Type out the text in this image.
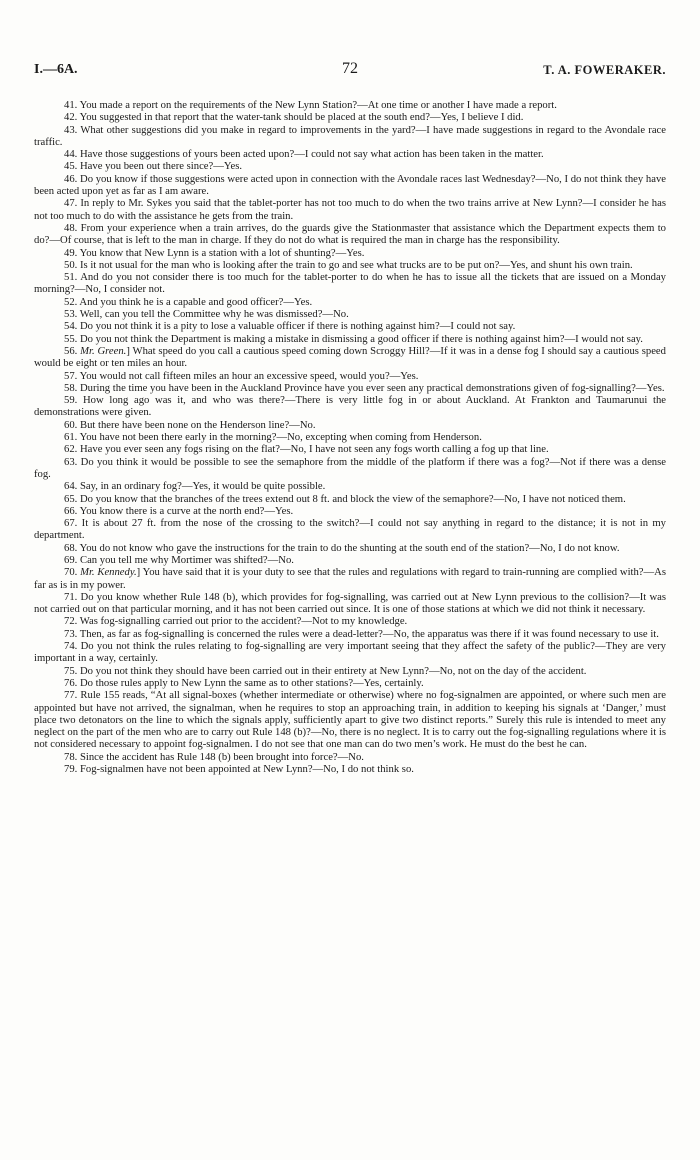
I.—6A.	72	T. A. FOWERAKER.

41. You made a report on the requirements of the New Lynn Station?—At one time or another I have made a report.

42. You suggested in that report that the water-tank should be placed at the south end?—Yes, I believe I did.

43. What other suggestions did you make in regard to improvements in the yard?—I have made suggestions in regard to the Avondale race traffic.

44. Have those suggestions of yours been acted upon?—I could not say what action has been taken in the matter.

45. Have you been out there since?—Yes.

46. Do you know if those suggestions were acted upon in connection with the Avondale races last Wednesday?—No, I do not think they have been acted upon yet as far as I am aware.

47. In reply to Mr. Sykes you said that the tablet-porter has not too much to do when the two trains arrive at New Lynn?—I consider he has not too much to do with the assistance he gets from the train.

48. From your experience when a train arrives, do the guards give the Stationmaster that assistance which the Department expects them to do?—Of course, that is left to the man in charge. If they do not do what is required the man in charge has the responsibility.

49. You know that New Lynn is a station with a lot of shunting?—Yes.

50. Is it not usual for the man who is looking after the train to go and see what trucks are to be put on?—Yes, and shunt his own train.

51. And do you not consider there is too much for the tablet-porter to do when he has to issue all the tickets that are issued on a Monday morning?—No, I consider not.

52. And you think he is a capable and good officer?—Yes.

53. Well, can you tell the Committee why he was dismissed?—No.

54. Do you not think it is a pity to lose a valuable officer if there is nothing against him?—I could not say.

55. Do you not think the Department is making a mistake in dismissing a good officer if there is nothing against him?—I would not say.

56. Mr. Green.] What speed do you call a cautious speed coming down Scroggy Hill?—If it was in a dense fog I should say a cautious speed would be eight or ten miles an hour.

57. You would not call fifteen miles an hour an excessive speed, would you?—Yes.

58. During the time you have been in the Auckland Province have you ever seen any practical demonstrations given of fog-signalling?—Yes.

59. How long ago was it, and who was there?—There is very little fog in or about Auckland. At Frankton and Taumarunui the demonstrations were given.

60. But there have been none on the Henderson line?—No.

61. You have not been there early in the morning?—No, excepting when coming from Henderson.

62. Have you ever seen any fogs rising on the flat?—No, I have not seen any fogs worth calling a fog up that line.

63. Do you think it would be possible to see the semaphore from the middle of the platform if there was a fog?—Not if there was a dense fog.

64. Say, in an ordinary fog?—Yes, it would be quite possible.

65. Do you know that the branches of the trees extend out 8 ft. and block the view of the semaphore?—No, I have not noticed them.

66. You know there is a curve at the north end?—Yes.

67. It is about 27 ft. from the nose of the crossing to the switch?—I could not say anything in regard to the distance; it is not in my department.

68. You do not know who gave the instructions for the train to do the shunting at the south end of the station?—No, I do not know.

69. Can you tell me why Mortimer was shifted?—No.

70. Mr. Kennedy.] You have said that it is your duty to see that the rules and regulations with regard to train-running are complied with?—As far as is in my power.

71. Do you know whether Rule 148 (b), which provides for fog-signalling, was carried out at New Lynn previous to the collision?—It was not carried out on that particular morning, and it has not been carried out since. It is one of those stations at which we did not think it necessary.

72. Was fog-signalling carried out prior to the accident?—Not to my knowledge.

73. Then, as far as fog-signalling is concerned the rules were a dead-letter?—No, the apparatus was there if it was found necessary to use it.

74. Do you not think the rules relating to fog-signalling are very important seeing that they affect the safety of the public?—They are very important in a way, certainly.

75. Do you not think they should have been carried out in their entirety at New Lynn?—No, not on the day of the accident.

76. Do those rules apply to New Lynn the same as to other stations?—Yes, certainly.

77. Rule 155 reads, “At all signal-boxes (whether intermediate or otherwise) where no fog-signalmen are appointed, or where such men are appointed but have not arrived, the signalman, when he requires to stop an approaching train, in addition to keeping his signals at ‘Danger,’ must place two detonators on the line to which the signals apply, sufficiently apart to give two distinct reports.” Surely this rule is intended to meet any neglect on the part of the men who are to carry out Rule 148 (b)?—No, there is no neglect. It is to carry out the fog-signalling regulations where it is not considered necessary to appoint fog-signalmen. I do not see that one man can do two men’s work. He must do the best he can.

78. Since the accident has Rule 148 (b) been brought into force?—No.

79. Fog-signalmen have not been appointed at New Lynn?—No, I do not think so.
